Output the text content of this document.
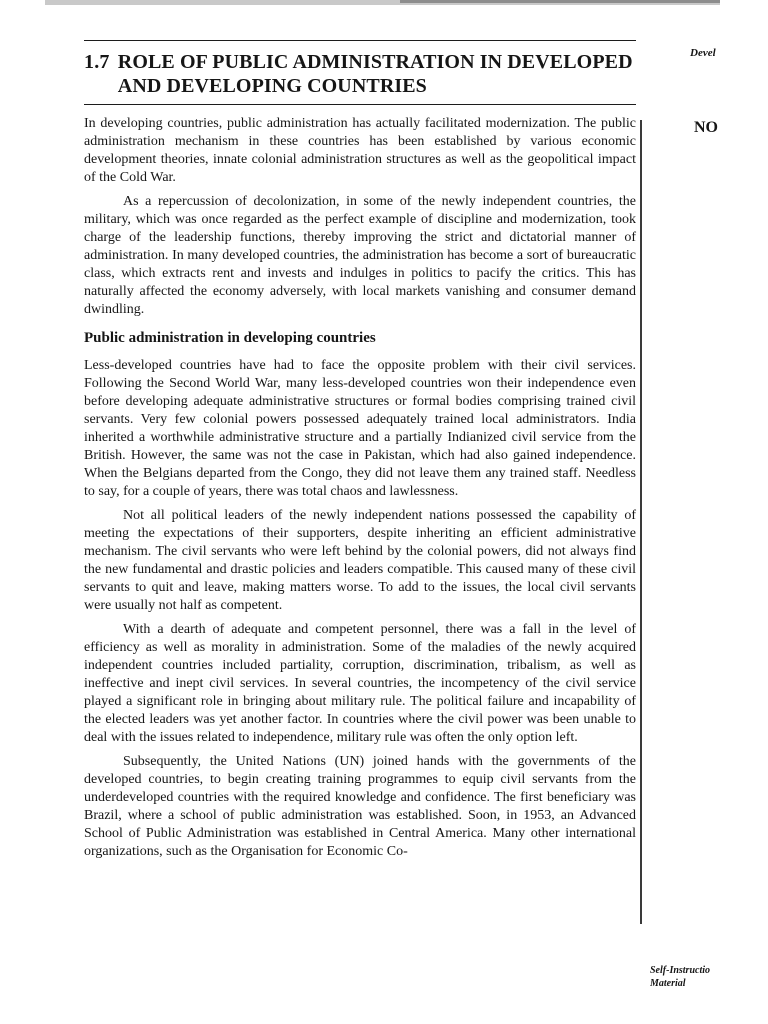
Devel
NO
1.7 ROLE OF PUBLIC ADMINISTRATION IN DEVELOPED AND DEVELOPING COUNTRIES

In developing countries, public administration has actually facilitated modernization. The public administration mechanism in these countries has been established by various economic development theories, innate colonial administration structures as well as the geopolitical impact of the Cold War.

As a repercussion of decolonization, in some of the newly independent countries, the military, which was once regarded as the perfect example of discipline and modernization, took charge of the leadership functions, thereby improving the strict and dictatorial manner of administration. In many developed countries, the administration has become a sort of bureaucratic class, which extracts rent and invests and indulges in politics to pacify the critics. This has naturally affected the economy adversely, with local markets vanishing and consumer demand dwindling.

Public administration in developing countries

Less-developed countries have had to face the opposite problem with their civil services. Following the Second World War, many less-developed countries won their independence even before developing adequate administrative structures or formal bodies comprising trained civil servants. Very few colonial powers possessed adequately trained local administrators. India inherited a worthwhile administrative structure and a partially Indianized civil service from the British. However, the same was not the case in Pakistan, which had also gained independence. When the Belgians departed from the Congo, they did not leave them any trained staff. Needless to say, for a couple of years, there was total chaos and lawlessness.

Not all political leaders of the newly independent nations possessed the capability of meeting the expectations of their supporters, despite inheriting an efficient administrative mechanism. The civil servants who were left behind by the colonial powers, did not always find the new fundamental and drastic policies and leaders compatible. This caused many of these civil servants to quit and leave, making matters worse. To add to the issues, the local civil servants were usually not half as competent.

With a dearth of adequate and competent personnel, there was a fall in the level of efficiency as well as morality in administration. Some of the maladies of the newly acquired independent countries included partiality, corruption, discrimination, tribalism, as well as ineffective and inept civil services. In several countries, the incompetency of the civil service played a significant role in bringing about military rule. The political failure and incapability of the elected leaders was yet another factor. In countries where the civil power was been unable to deal with the issues related to independence, military rule was often the only option left.

Subsequently, the United Nations (UN) joined hands with the governments of the developed countries, to begin creating training programmes to equip civil servants from the underdeveloped countries with the required knowledge and confidence. The first beneficiary was Brazil, where a school of public administration was established. Soon, in 1953, an Advanced School of Public Administration was established in Central America. Many other international organizations, such as the Organisation for Economic Co-

Self-Instructio
Material
